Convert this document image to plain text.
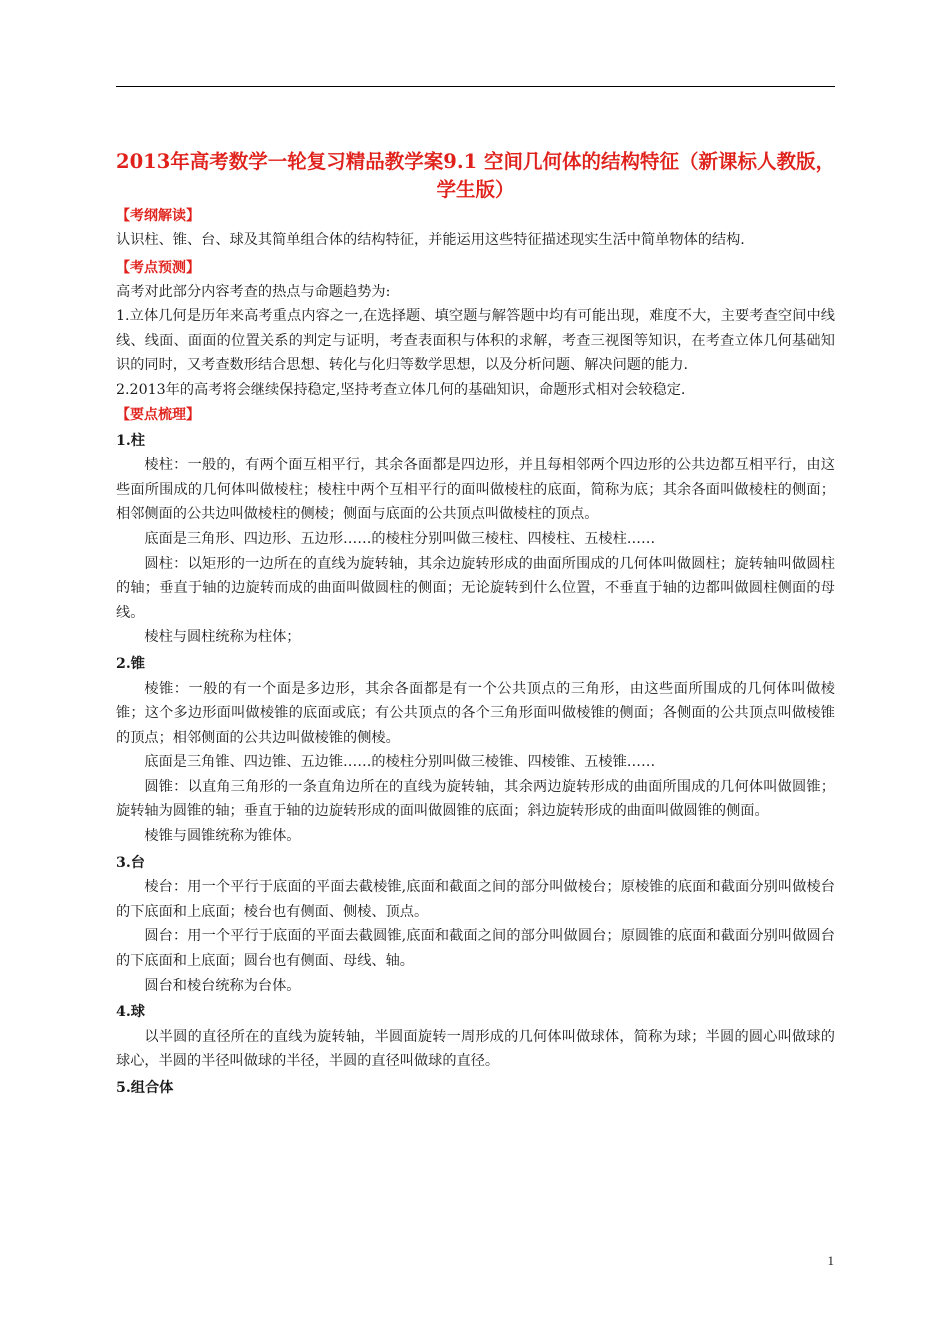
2013年高考数学一轮复习精品教学案9.1 空间几何体的结构特征（新课标人教版，学生版）
【考纲解读】

认识柱、锥、台、球及其简单组合体的结构特征，并能运用这些特征描述现实生活中简单物体的结构.

【考点预测】

高考对此部分内容考查的热点与命题趋势为:

1.立体几何是历年来高考重点内容之一,在选择题、填空题与解答题中均有可能出现，难度不大，主要考查空间中线线、线面、面面的位置关系的判定与证明，考查表面积与体积的求解，考查三视图等知识，在考查立体几何基础知识的同时，又考查数形结合思想、转化与化归等数学思想，以及分析问题、解决问题的能力.

2.2013年的高考将会继续保持稳定,坚持考查立体几何的基础知识，命题形式相对会较稳定.

【要点梳理】
1.柱

棱柱：一般的，有两个面互相平行，其余各面都是四边形，并且每相邻两个四边形的公共边都互相平行，由这些面所围成的几何体叫做棱柱；棱柱中两个互相平行的面叫做棱柱的底面，简称为底；其余各面叫做棱柱的侧面；相邻侧面的公共边叫做棱柱的侧棱；侧面与底面的公共顶点叫做棱柱的顶点。

底面是三角形、四边形、五边形……的棱柱分别叫做三棱柱、四棱柱、五棱柱……

圆柱：以矩形的一边所在的直线为旋转轴，其余边旋转形成的曲面所围成的几何体叫做圆柱；旋转轴叫做圆柱的轴；垂直于轴的边旋转而成的曲面叫做圆柱的侧面；无论旋转到什么位置，不垂直于轴的边都叫做圆柱侧面的母线。

棱柱与圆柱统称为柱体；

2.锥

棱锥：一般的有一个面是多边形，其余各面都是有一个公共顶点的三角形，由这些面所围成的几何体叫做棱锥；这个多边形面叫做棱锥的底面或底；有公共顶点的各个三角形面叫做棱锥的侧面；各侧面的公共顶点叫做棱锥的顶点；相邻侧面的公共边叫做棱锥的侧棱。

底面是三角锥、四边锥、五边锥……的棱柱分别叫做三棱锥、四棱锥、五棱锥……

圆锥：以直角三角形的一条直角边所在的直线为旋转轴，其余两边旋转形成的曲面所围成的几何体叫做圆锥；旋转轴为圆锥的轴；垂直于轴的边旋转形成的面叫做圆锥的底面；斜边旋转形成的曲面叫做圆锥的侧面。

棱锥与圆锥统称为锥体。

3.台

棱台：用一个平行于底面的平面去截棱锥,底面和截面之间的部分叫做棱台；原棱锥的底面和截面分别叫做棱台的下底面和上底面；棱台也有侧面、侧棱、顶点。

圆台：用一个平行于底面的平面去截圆锥,底面和截面之间的部分叫做圆台；原圆锥的底面和截面分别叫做圆台的下底面和上底面；圆台也有侧面、母线、轴。

圆台和棱台统称为台体。

4.球

以半圆的直径所在的直线为旋转轴，半圆面旋转一周形成的几何体叫做球体，简称为球；半圆的圆心叫做球的球心，半圆的半径叫做球的半径，半圆的直径叫做球的直径。

5.组合体
1
